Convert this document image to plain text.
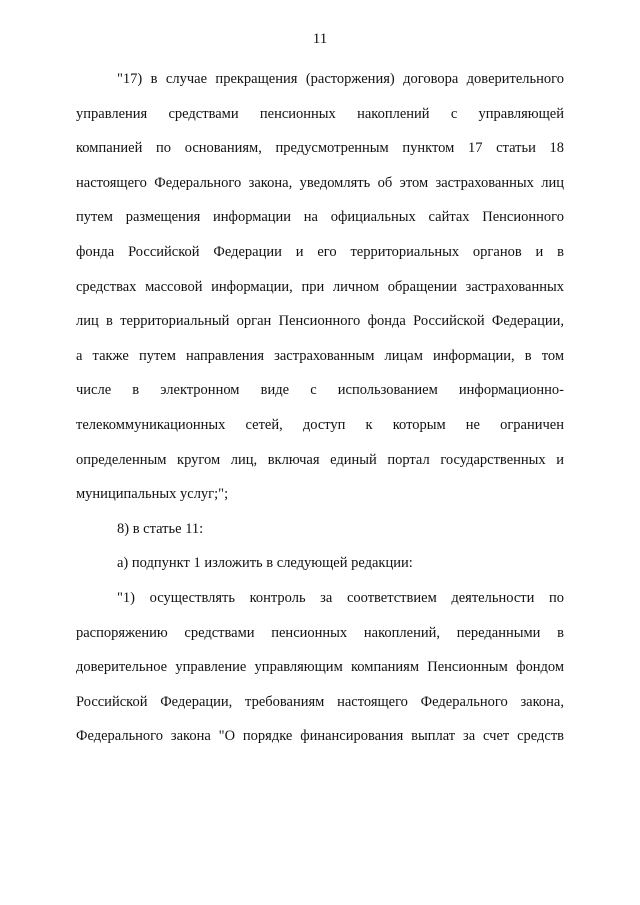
11

"17) в случае прекращения (расторжения) договора доверительного
управления средствами пенсионных накоплений с управляющей
компанией по основаниям, предусмотренным пунктом 17 статьи 18
настоящего Федерального закона, уведомлять об этом застрахованных лиц
путем размещения информации на официальных сайтах Пенсионного
фонда Российской Федерации и его территориальных органов и в
средствах массовой информации, при личном обращении застрахованных
лиц в территориальный орган Пенсионного фонда Российской Федерации,
а также путем направления застрахованным лицам информации, в том
числе в электронном виде с использованием информационно-
телекоммуникационных сетей, доступ к которым не ограничен
определенным кругом лиц, включая единый портал государственных и
муниципальных услуг;";

8) в статье 11:

а) подпункт 1 изложить в следующей редакции:

"1) осуществлять контроль за соответствием деятельности по
распоряжению средствами пенсионных накоплений, переданными в
доверительное управление управляющим компаниям Пенсионным фондом
Российской Федерации, требованиям настоящего Федерального закона,
Федерального закона "О порядке финансирования выплат за счет средств
